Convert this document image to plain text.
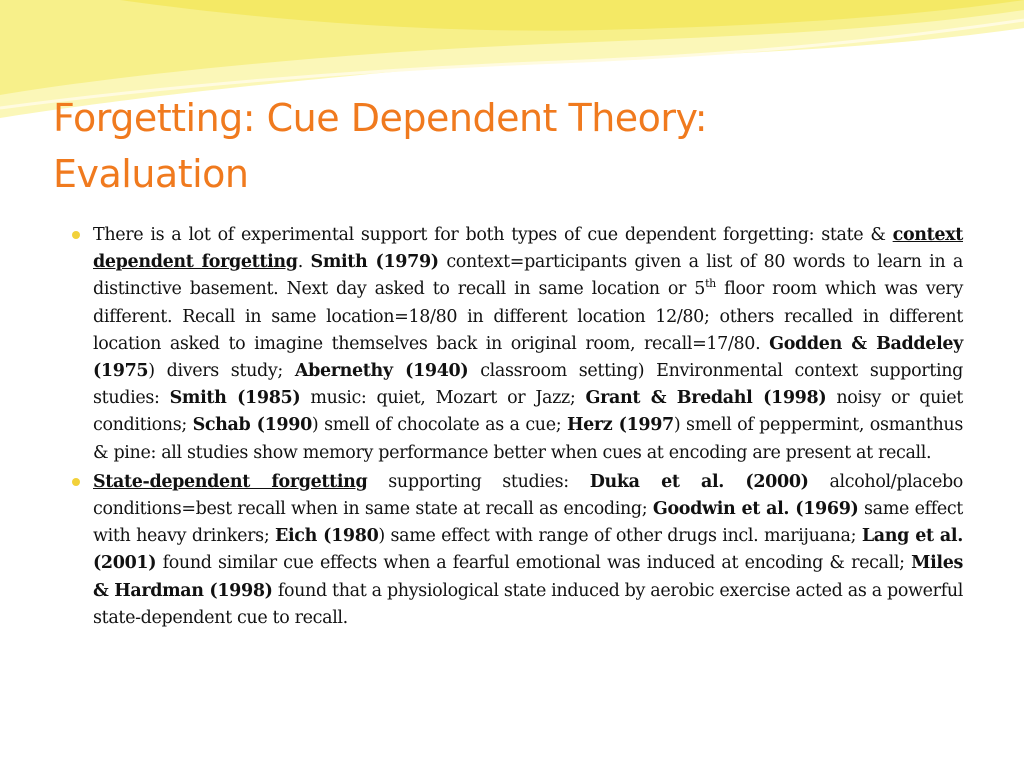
Forgetting: Cue Dependent Theory:
Evaluation

There is a lot of experimental support for both types of cue dependent forgetting: state & context dependent forgetting. Smith (1979) context=participants given a list of 80 words to learn in a distinctive basement. Next day asked to recall in same location or 5th floor room which was very different. Recall in same location=18/80 in different location 12/80; others recalled in different location asked to imagine themselves back in original room, recall=17/80. Godden & Baddeley (1975) divers study; Abernethy (1940) classroom setting) Environmental context supporting studies: Smith (1985) music: quiet, Mozart or Jazz; Grant & Bredahl (1998) noisy or quiet conditions; Schab (1990) smell of chocolate as a cue; Herz (1997) smell of peppermint, osmanthus & pine: all studies show memory performance better when cues at encoding are present at recall.

State-dependent forgetting supporting studies: Duka et al. (2000) alcohol/placebo conditions=best recall when in same state at recall as encoding; Goodwin et al. (1969) same effect with heavy drinkers; Eich (1980) same effect with range of other drugs incl. marijuana; Lang et al. (2001) found similar cue effects when a fearful emotional was induced at encoding & recall; Miles & Hardman (1998) found that a physiological state induced by aerobic exercise acted as a powerful state-dependent cue to recall.
